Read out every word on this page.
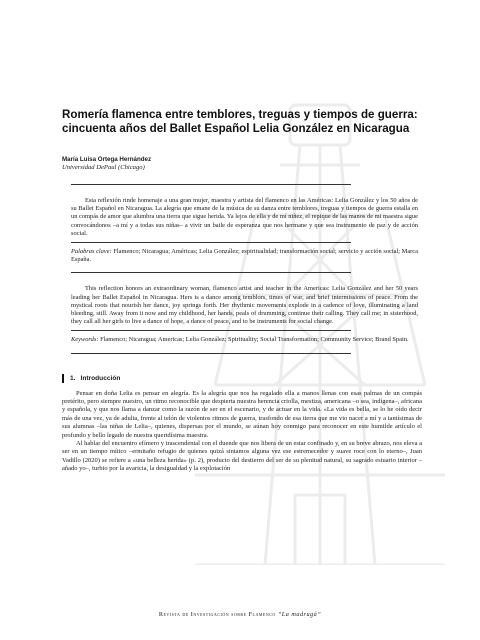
Romería flamenca entre temblores, treguas y tiempos de guerra: cincuenta años del Ballet Español Lelia González en Nicaragua
María Luisa Ortega Hernández
Universidad DePaul (Chicago)

Esta reflexión rinde homenaje a una gran mujer, maestra y artista del flamenco en las Américas: Lelia González y los 50 años de su Ballet Español en Nicaragua. La alegría que emane de la música de su danza entre temblores, treguas y tiempos de guerra estalla en un compás de amor que alumbra una tierra que sigue herida. Ya lejos de ella y de mí niñez, el repique de las manos de mi maestra sigue convocándonos –a mí y a todas sus niñas– a vivir un baile de esperanza que nos hermane y que sea instrumento de paz y de acción social.

Palabras clave: Flamenco; Nicaragua; Américas; Lelia González; espiritualidad; transformación social; servicio y acción social; Marca España.

This reflection honors an extraordinary woman, flamenco artist and teacher in the Americas: Lelia González and her 50 years leading her Ballet Español in Nicaragua. Hers is a dance among temblors, times of war, and brief intermissions of peace. From the mystical roots that nourish her dance, joy springs forth. Her rhythmic movements explode in a cadence of love, illuminating a land bleeding, still. Away from it now and my childhood, her hands, peals of drumming, continue their calling. They call me; in sisterhood, they call all her girls to live a dance of hope, a dance of peace, and to be instruments for social change.

Keywords: Flamenco; Nicaragua; Americas; Lelia González; Spirituality; Social Transformation; Community Service; Brand Spain.
1. Introducción

Pensar en doña Lelia es pensar en alegría. Es la alegría que nos ha regalado ella a manos llenas con esas palmas de un compás pretérito, pero siempre nuestro, un ritmo reconocible que despierta nuestra herencia criolla, mestiza, americana –o sea, indígena–, africana y española, y que nos llama a danzar como la razón de ser en el escenario, y de actuar en la vida. «La vida es bella, se lo he oído decir más de una vez, ya de adulta, frente al telón de violentos ritmos de guerra, trasfondo de esa tierra que me vio nacer a mí y a tantísimas de sus alumnas –las niñas de Lelia–, quienes, dispersas por el mundo, se aúnan hoy conmigo para reconocer en este humilde artículo el profundo y bello legado de nuestra queridísima maestra.

Al hablar del encuentro efímero y trascendental con el duende que nos libera de un estar confinado y, en su breve abrazo, nos eleva a ser en un tiempo mítico –ermitaño refugio de quienes quizá sintamos alguna vez ese estremecedor y suave roce con lo eterno–, Juan Vadillo (2020) se refiere a «una belleza herida» (p. 2), producto del destierro del ser de su plenitud natural, su sagrado estuario interior –añado yo–, turbio por la avaricia, la desigualdad y la explotación

Revista de Investigación sobre Flamenco “La madrugá”
